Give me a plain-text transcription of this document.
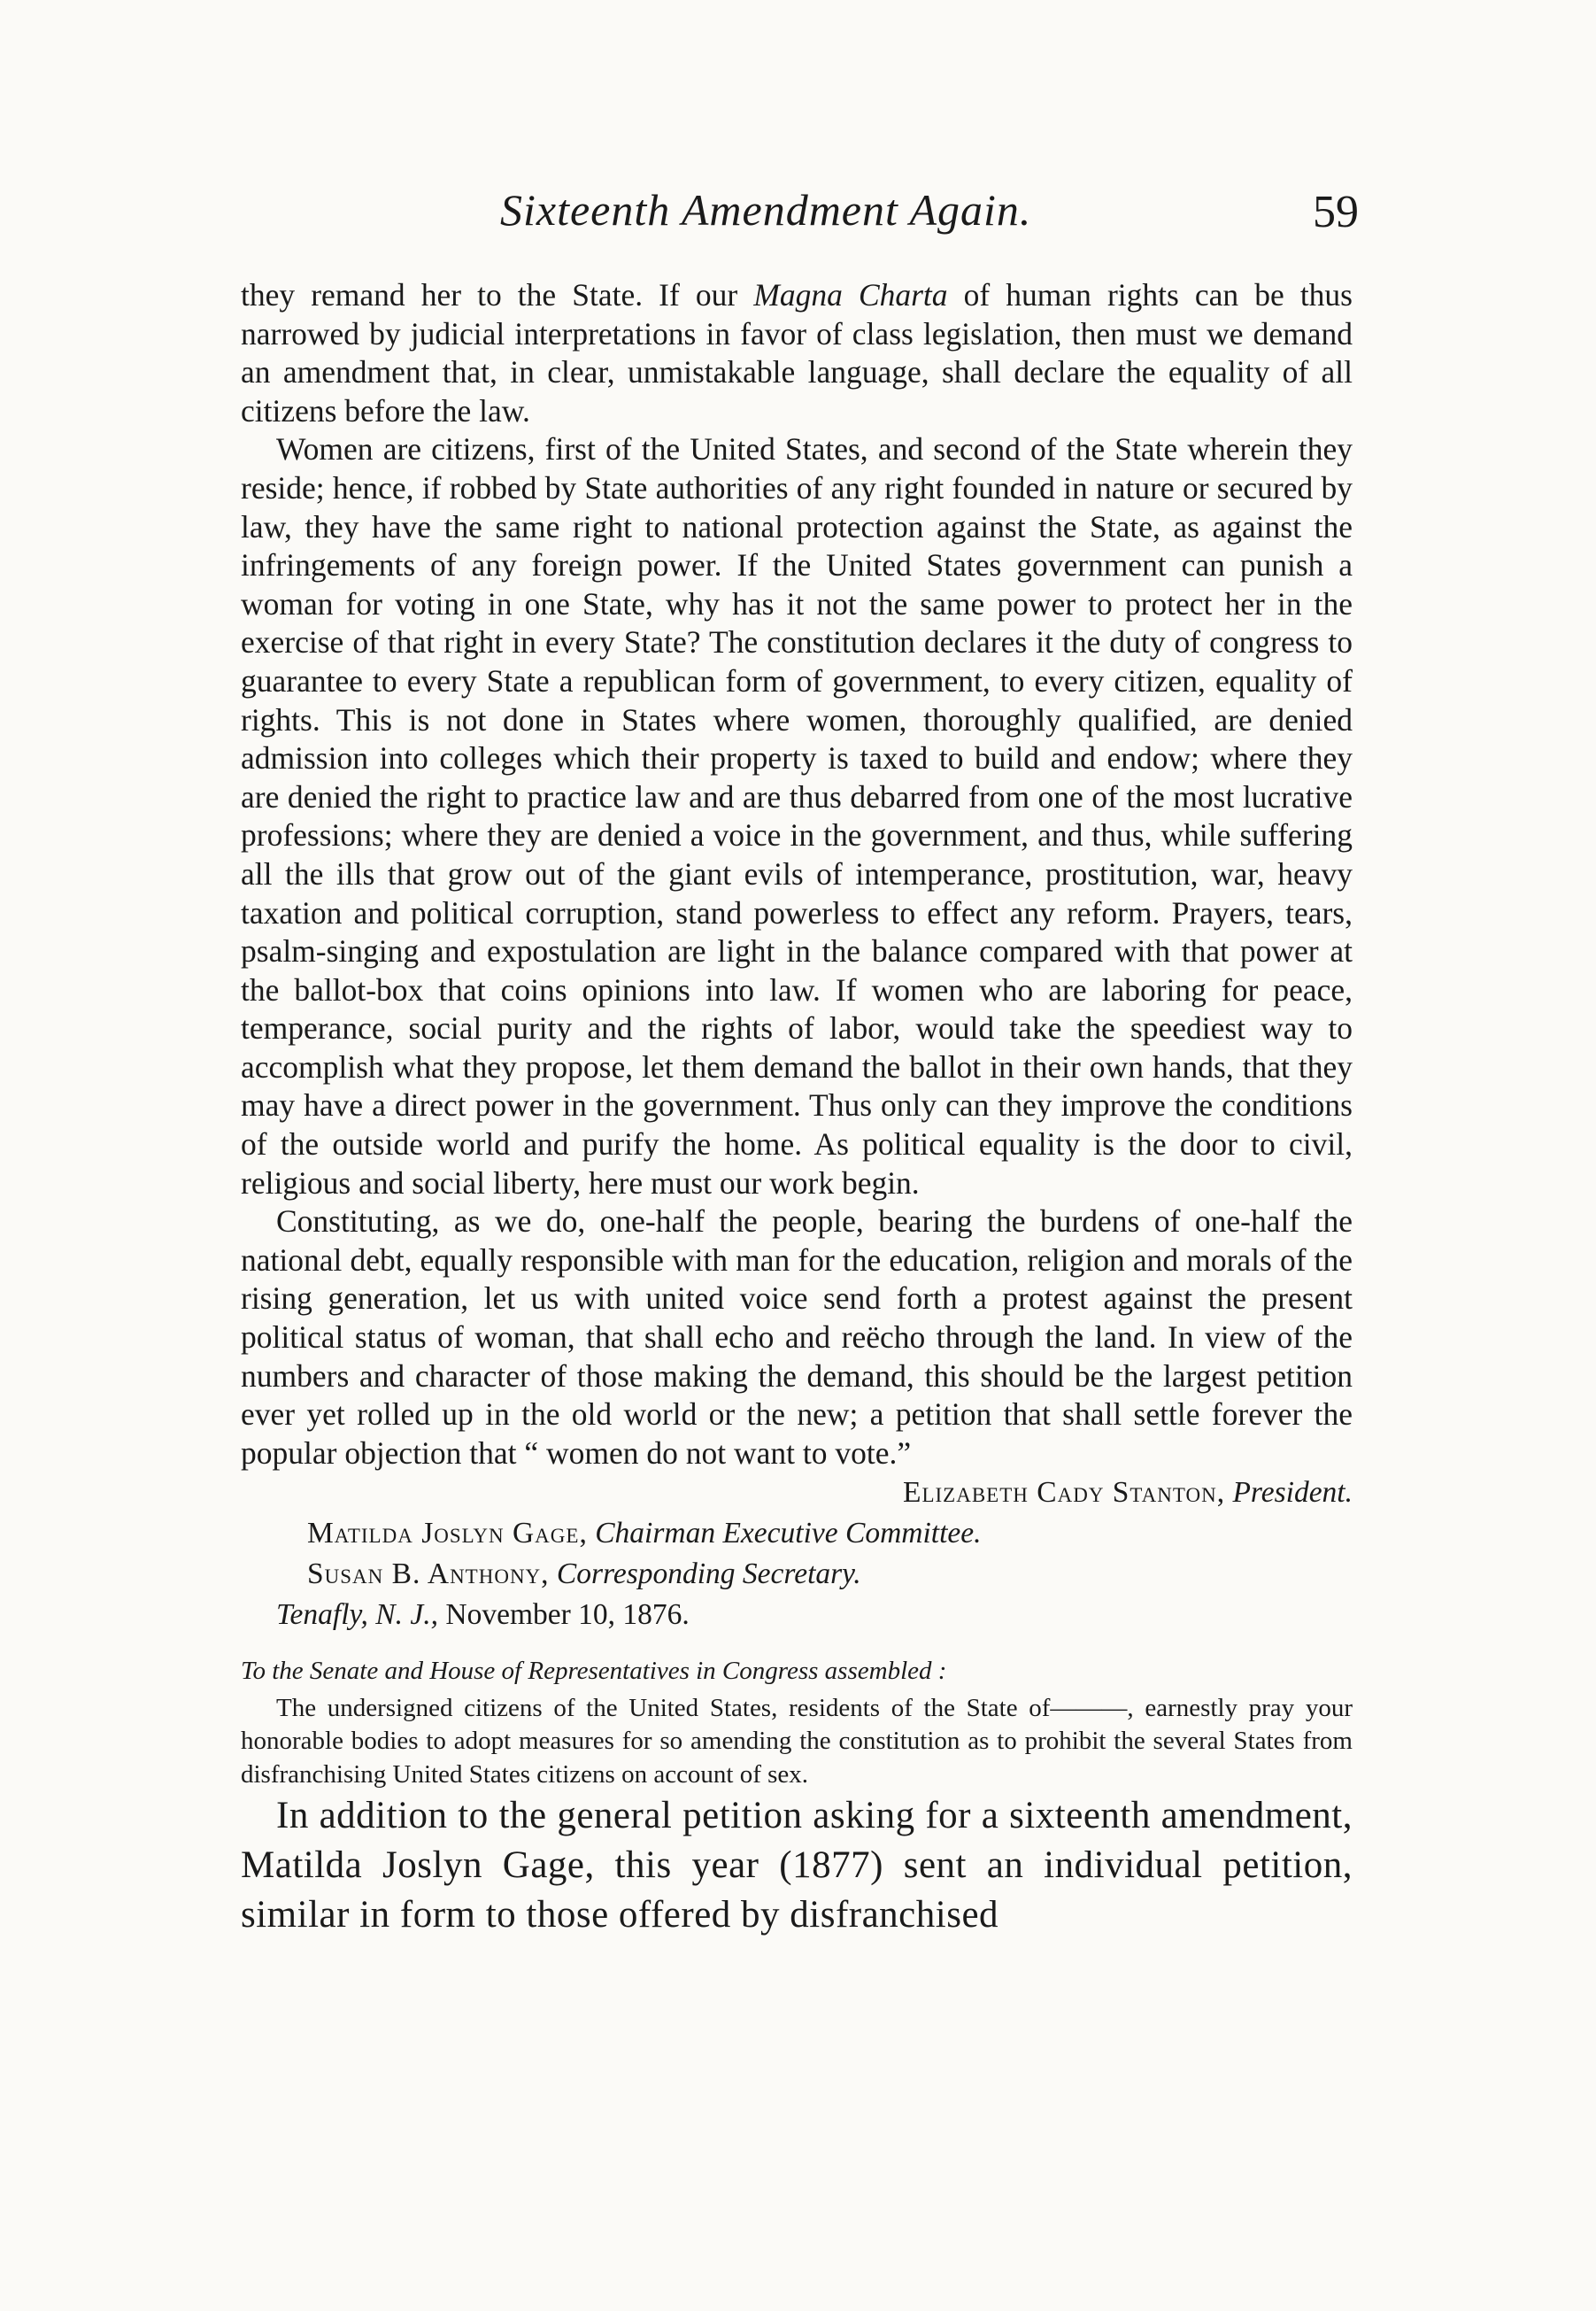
Sixteenth Amendment Again.	59

they remand her to the State. If our Magna Charta of human rights can be thus narrowed by judicial interpretations in favor of class legislation, then must we demand an amendment that, in clear, unmistakable language, shall declare the equality of all citizens before the law.

Women are citizens, first of the United States, and second of the State wherein they reside; hence, if robbed by State authorities of any right founded in nature or secured by law, they have the same right to national protection against the State, as against the infringements of any foreign power. If the United States government can punish a woman for voting in one State, why has it not the same power to protect her in the exercise of that right in every State? The constitution declares it the duty of congress to guarantee to every State a republican form of government, to every citizen, equality of rights. This is not done in States where women, thoroughly qualified, are denied admission into colleges which their property is taxed to build and endow; where they are denied the right to practice law and are thus debarred from one of the most lucrative professions; where they are denied a voice in the government, and thus, while suffering all the ills that grow out of the giant evils of intemperance, prostitution, war, heavy taxation and political corruption, stand powerless to effect any reform. Prayers, tears, psalm-singing and expostulation are light in the balance compared with that power at the ballot-box that coins opinions into law. If women who are laboring for peace, temperance, social purity and the rights of labor, would take the speediest way to accomplish what they propose, let them demand the ballot in their own hands, that they may have a direct power in the government. Thus only can they improve the conditions of the outside world and purify the home. As political equality is the door to civil, religious and social liberty, here must our work begin.

Constituting, as we do, one-half the people, bearing the burdens of one-half the national debt, equally responsible with man for the education, religion and morals of the rising generation, let us with united voice send forth a protest against the present political status of woman, that shall echo and reëcho through the land. In view of the numbers and character of those making the demand, this should be the largest petition ever yet rolled up in the old world or the new; a petition that shall settle forever the popular objection that “ women do not want to vote.”

Elizabeth Cady Stanton, President.

Matilda Joslyn Gage, Chairman Executive Committee.

Susan B. Anthony, Corresponding Secretary.

Tenafly, N. J., November 10, 1876.

To the Senate and House of Representatives in Congress assembled :

The undersigned citizens of the United States, residents of the State of———, earnestly pray your honorable bodies to adopt measures for so amending the constitution as to prohibit the several States from disfranchising United States citizens on account of sex.

In addition to the general petition asking for a sixteenth amendment, Matilda Joslyn Gage, this year (1877) sent an individual petition, similar in form to those offered by disfranchised
